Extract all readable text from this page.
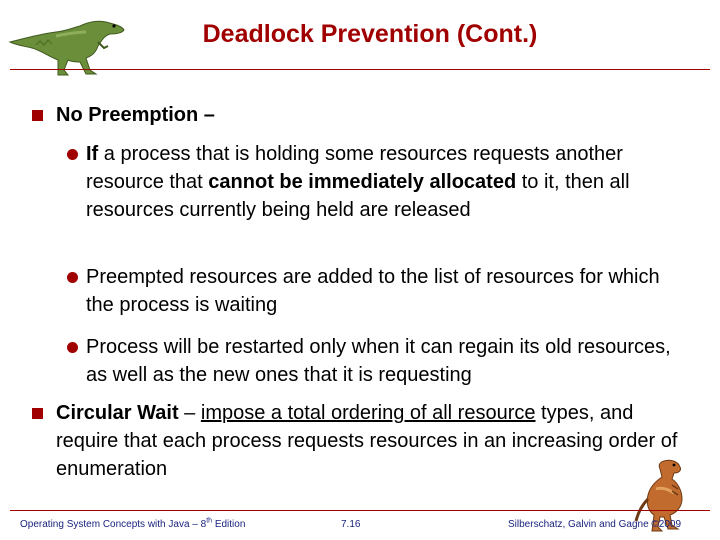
Deadlock Prevention (Cont.)
No Preemption –
If a process that is holding some resources requests another resource that cannot be immediately allocated to it, then all resources currently being held are released
Preempted resources are added to the list of resources for which the process is waiting
Process will be restarted only when it can regain its old resources, as well as the new ones that it is requesting
Circular Wait – impose a total ordering of all resource types, and require that each process requests resources in an increasing order of enumeration
Operating System Concepts with Java – 8th Edition	7.16	Silberschatz, Galvin and Gagne ©2009
